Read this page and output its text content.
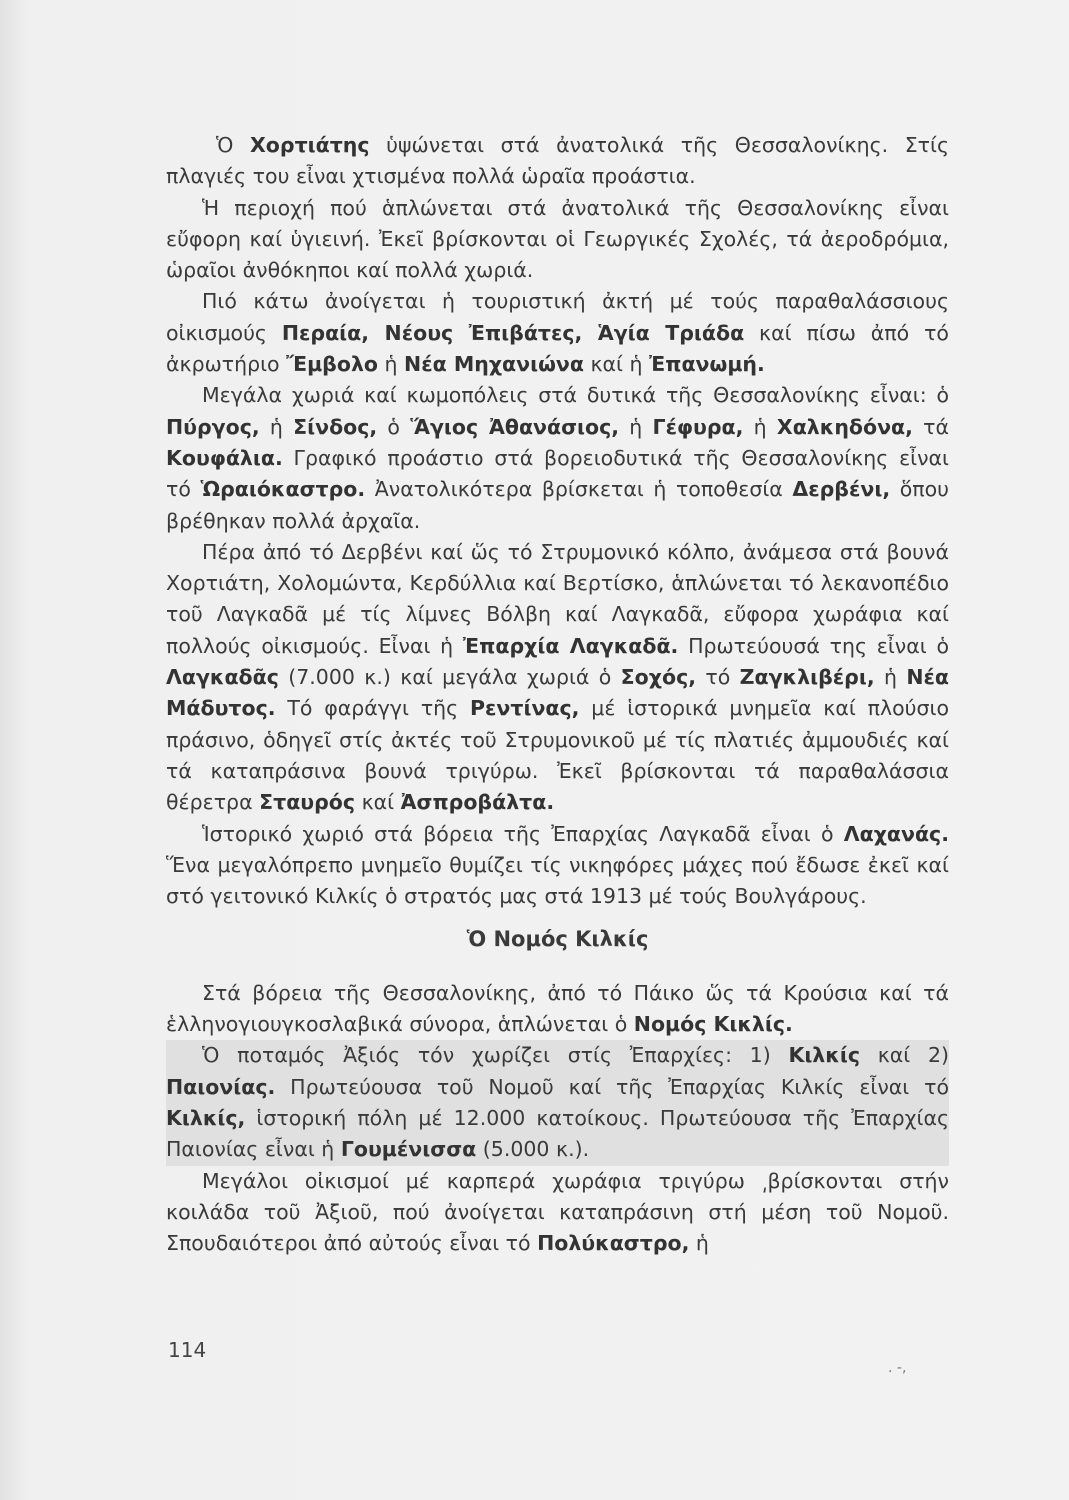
Ὁ Χορτιάτης ὑψώνεται στά ἀνατολικά τῆς Θεσσαλονίκης. Στίς πλαγιές του εἶναι χτισμένα πολλά ὡραῖα προάστια.

Ἡ περιοχή πού ἁπλώνεται στά ἀνατολικά τῆς Θεσσαλονίκης εἶναι εὔφορη καί ὑγιεινή. Ἐκεῖ βρίσκονται οἱ Γεωργικές Σχολές, τά ἀεροδρόμια, ὡραῖοι ἀνθόκηποι καί πολλά χωριά.

Πιό κάτω ἀνοίγεται ἡ τουριστική ἀκτή μέ τούς παραθαλάσσιους οἰκισμούς Περαία, Νέους Ἐπιβάτες, Ἁγία Τριάδα καί πίσω ἀπό τό ἀκρωτήριο Ἔμβολο ἡ Νέα Μηχανιώνα καί ἡ Ἐπανωμή.

Μεγάλα χωριά καί κωμοπόλεις στά δυτικά τῆς Θεσσαλονίκης εἶναι: ὁ Πύργος, ἡ Σίνδος, ὁ Ἅγιος Ἀθανάσιος, ἡ Γέφυρα, ἡ Χαλκηδόνα, τά Κουφάλια. Γραφικό προάστιο στά βορειοδυτικά τῆς Θεσσαλονίκης εἶναι τό Ὡραιόκαστρο. Ἀνατολικότερα βρίσκεται ἡ τοποθεσία Δερβένι, ὅπου βρέθηκαν πολλά ἀρχαῖα.

Πέρα ἀπό τό Δερβένι καί ὥς τό Στρυμονικό κόλπο, ἀνάμεσα στά βουνά Χορτιάτη, Χολομώντα, Κερδύλλια καί Βερτίσκο, ἁπλώνεται τό λεκανοπέδιο τοῦ Λαγκαδᾶ μέ τίς λίμνες Βόλβη καί Λαγκαδᾶ, εὔφορα χωράφια καί πολλούς οἰκισμούς. Εἶναι ἡ Ἐπαρχία Λαγκαδᾶ. Πρωτεύουσά της εἶναι ὁ Λαγκαδᾶς (7.000 κ.) καί μεγάλα χωριά ὁ Σοχός, τό Ζαγκλιβέρι, ἡ Νέα Μάδυτος. Τό φαράγγι τῆς Ρεντίνας, μέ ἱστορικά μνημεῖα καί πλούσιο πράσινο, ὁδηγεῖ στίς ἀκτές τοῦ Στρυμονικοῦ μέ τίς πλατιές ἀμμουδιές καί τά καταπράσινα βουνά τριγύρω. Ἐκεῖ βρίσκονται τά παραθαλάσσια θέρετρα Σταυρός καί Ἀσπροβάλτα.

Ἱστορικό χωριό στά βόρεια τῆς Ἐπαρχίας Λαγκαδᾶ εἶναι ὁ Λαχανάς. Ἕνα μεγαλόπρεπο μνημεῖο θυμίζει τίς νικηφόρες μάχες πού ἔδωσε ἐκεῖ καί στό γειτονικό Κιλκίς ὁ στρατός μας στά 1913 μέ τούς Βουλγάρους.

Ὁ Νομός Κιλκίς

Στά βόρεια τῆς Θεσσαλονίκης, ἀπό τό Πάικο ὥς τά Κρούσια καί τά ἑλληνογιουγκοσλαβικά σύνορα, ἁπλώνεται ὁ Νομός Κικλίς.

Ὁ ποταμός Ἀξιός τόν χωρίζει στίς Ἐπαρχίες: 1) Κιλκίς καί 2) Παιονίας. Πρωτεύουσα τοῦ Νομοῦ καί τῆς Ἐπαρχίας Κιλκίς εἶναι τό Κιλκίς, ἱστορική πόλη μέ 12.000 κατοίκους. Πρωτεύουσα τῆς Ἐπαρχίας Παιονίας εἶναι ἡ Γουμένισσα (5.000 κ.).

Μεγάλοι οἰκισμοί μέ καρπερά χωράφια τριγύρω ͵βρίσκονται στήν κοιλάδα τοῦ Ἀξιοῦ, πού ἀνοίγεται καταπράσινη στή μέση τοῦ Νομοῦ. Σπουδαιότεροι ἀπό αὐτούς εἶναι τό Πολύκαστρο, ἡ

114
. -,
